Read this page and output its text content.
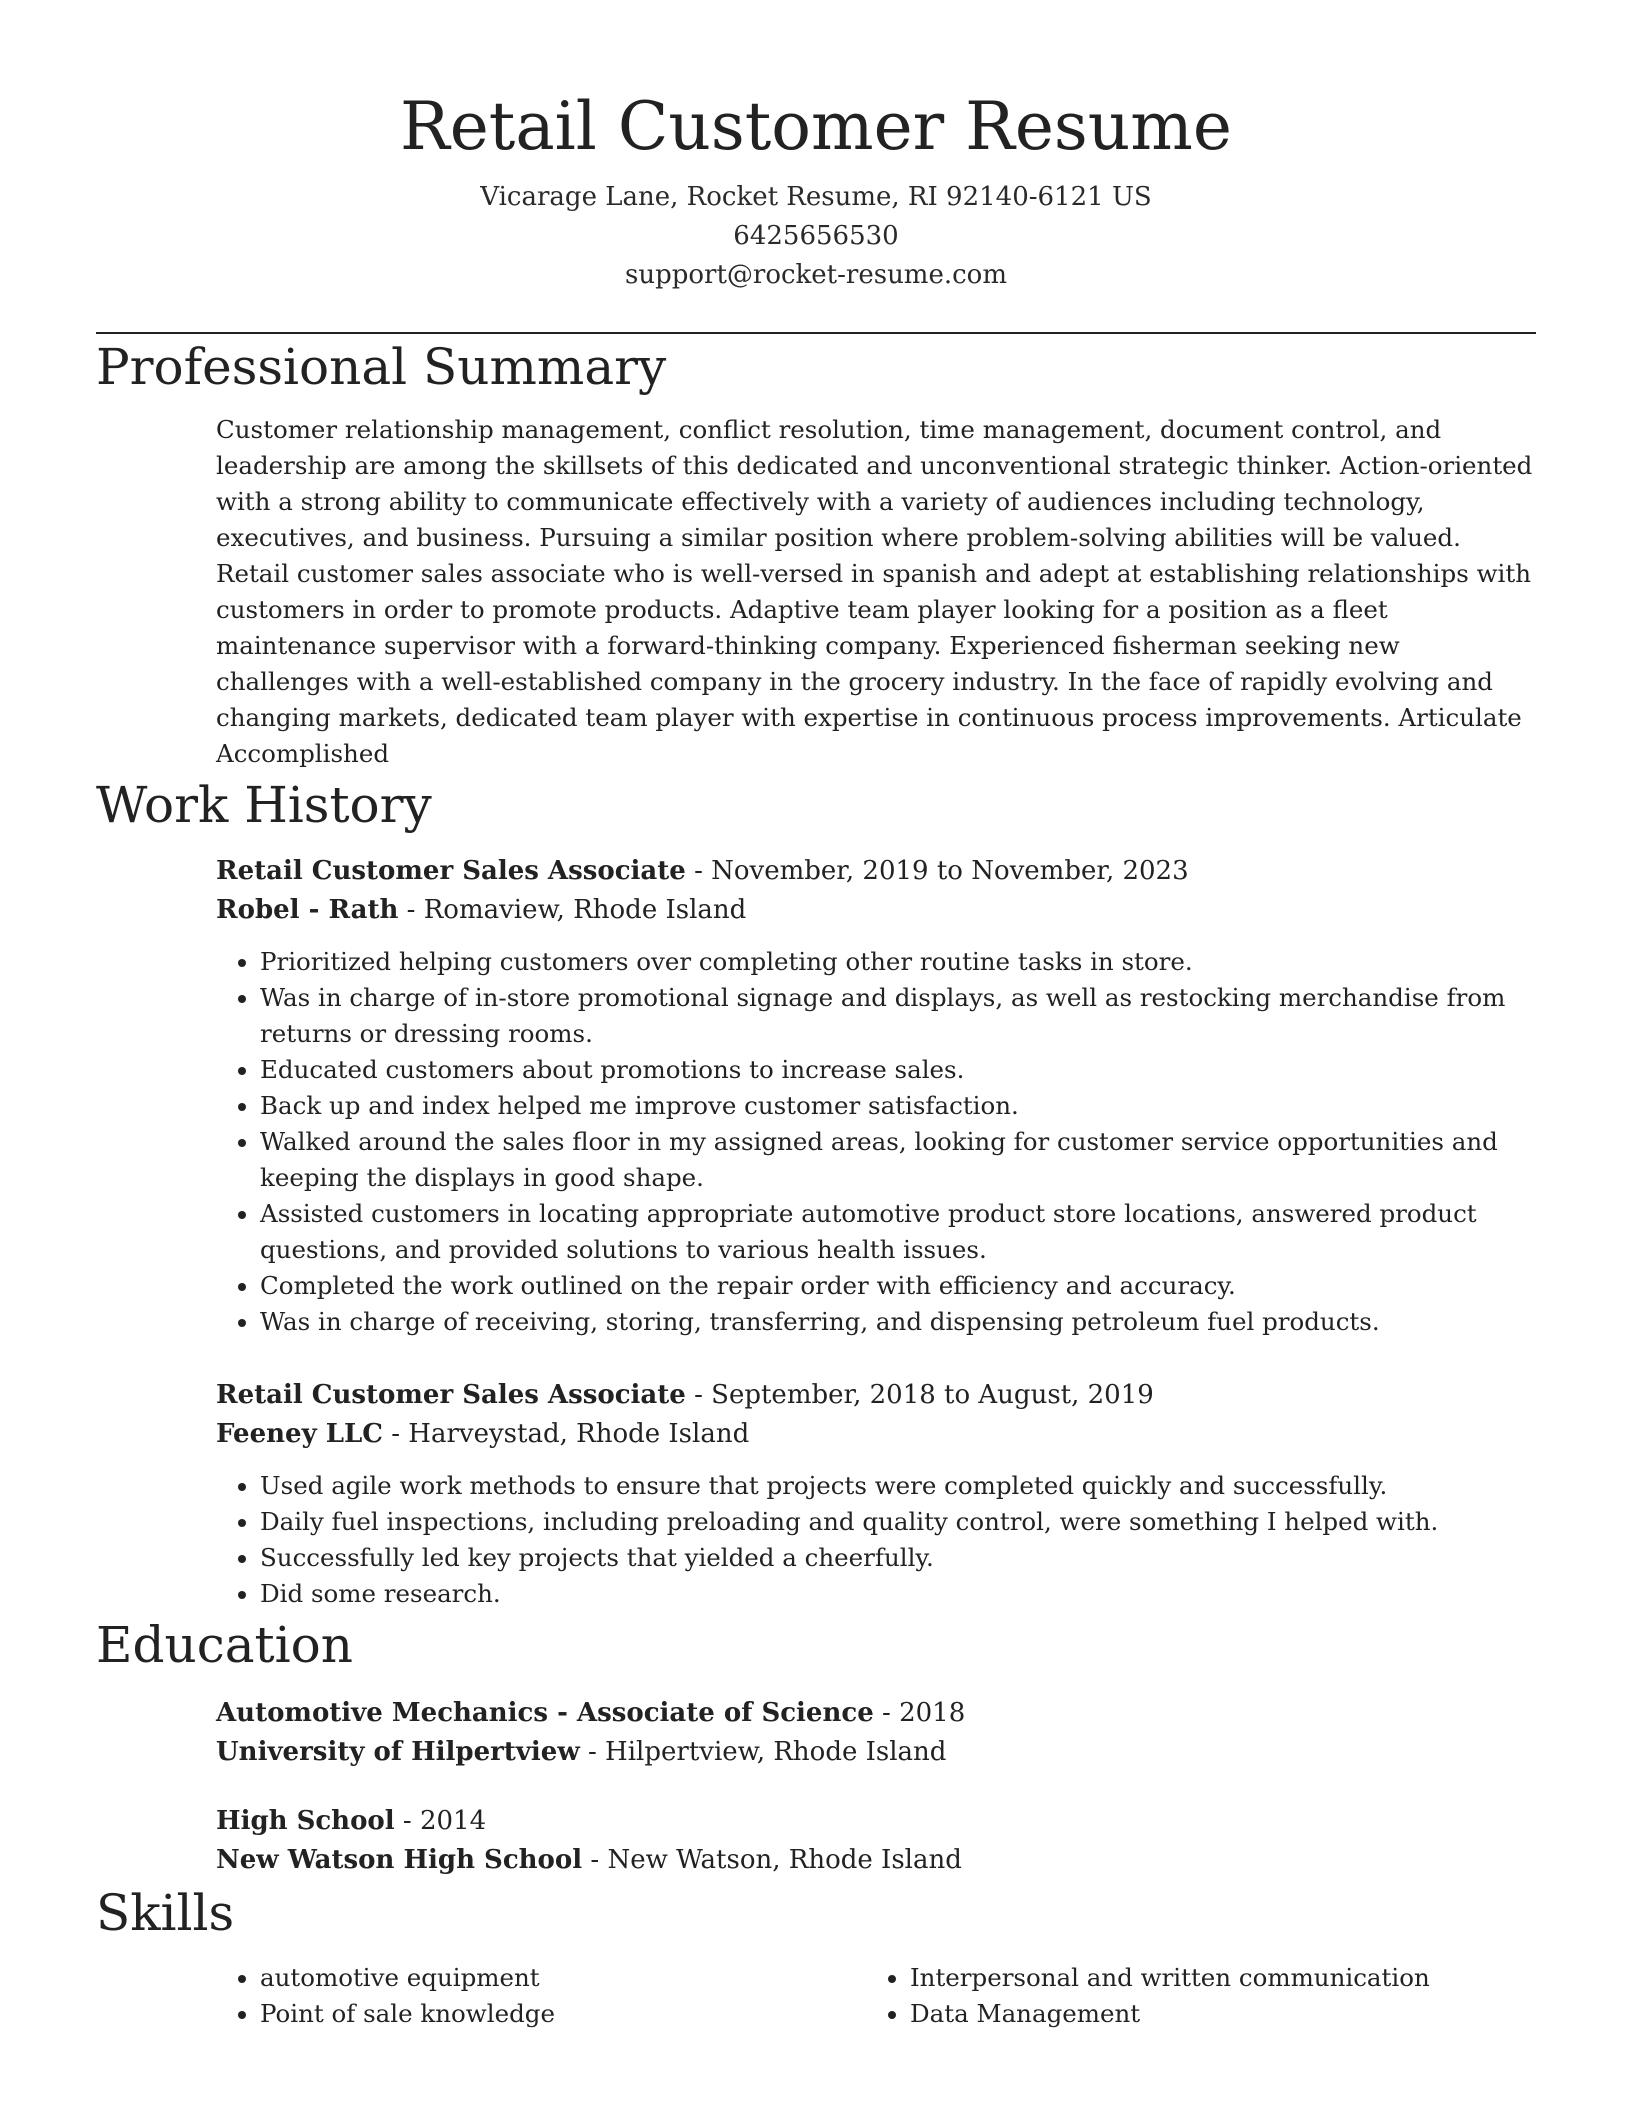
Retail Customer Resume
Vicarage Lane, Rocket Resume, RI 92140-6121 US
6425656530
support@rocket-resume.com
Professional Summary

Customer relationship management, conflict resolution, time management, document control, and leadership are among the skillsets of this dedicated and unconventional strategic thinker. Action-oriented with a strong ability to communicate effectively with a variety of audiences including technology, executives, and business. Pursuing a similar position where problem-solving abilities will be valued. Retail customer sales associate who is well-versed in spanish and adept at establishing relationships with customers in order to promote products. Adaptive team player looking for a position as a fleet maintenance supervisor with a forward-thinking company. Experienced fisherman seeking new challenges with a well-established company in the grocery industry. In the face of rapidly evolving and changing markets, dedicated team player with expertise in continuous process improvements. Articulate Accomplished

Work History
Retail Customer Sales Associate - November, 2019 to November, 2023
Robel - Rath - Romaview, Rhode Island
• Prioritized helping customers over completing other routine tasks in store.
• Was in charge of in-store promotional signage and displays, as well as restocking merchandise from returns or dressing rooms.
• Educated customers about promotions to increase sales.
• Back up and index helped me improve customer satisfaction.
• Walked around the sales floor in my assigned areas, looking for customer service opportunities and keeping the displays in good shape.
• Assisted customers in locating appropriate automotive product store locations, answered product questions, and provided solutions to various health issues.
• Completed the work outlined on the repair order with efficiency and accuracy.
• Was in charge of receiving, storing, transferring, and dispensing petroleum fuel products.
Retail Customer Sales Associate - September, 2018 to August, 2019
Feeney LLC - Harveystad, Rhode Island
• Used agile work methods to ensure that projects were completed quickly and successfully.
• Daily fuel inspections, including preloading and quality control, were something I helped with.
• Successfully led key projects that yielded a cheerfully.
• Did some research.
Education
Automotive Mechanics - Associate of Science - 2018
University of Hilpertview - Hilpertview, Rhode Island
High School - 2014
New Watson High School - New Watson, Rhode Island
Skills
• automotive equipment
• Point of sale knowledge
• Interpersonal and written communication
• Data Management
